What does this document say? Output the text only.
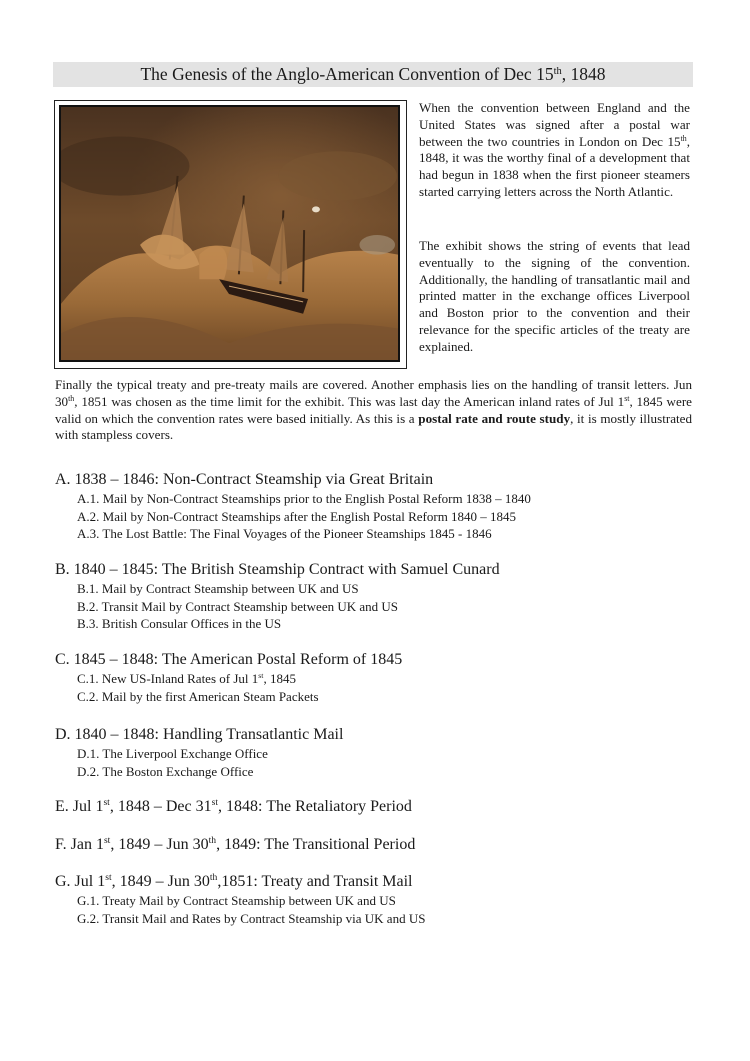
The Genesis of the Anglo-American Convention of Dec 15th, 1848

When the convention between England and the United States was signed after a postal war between the two countries in London on Dec 15th, 1848, it was the worthy final of a development that had begun in 1838 when the first pioneer steamers started carrying letters across the North Atlantic.

The exhibit shows the string of events that lead eventually to the signing of the convention. Additionally, the handling of transatlantic mail and printed matter in the exchange offices Liverpool and Boston prior to the convention and their relevance for the specific articles of the treaty are explained.

Finally the typical treaty and pre-treaty mails are covered. Another emphasis lies on the handling of transit letters. Jun 30th, 1851 was chosen as the time limit for the exhibit. This was last day the American inland rates of Jul 1st, 1845 were valid on which the convention rates were based initially. As this is a postal rate and route study, it is mostly illustrated with stampless covers.

A. 1838 – 1846: Non-Contract Steamship via Great Britain

A.1. Mail by Non-Contract Steamships prior to the English Postal Reform 1838 – 1840

A.2. Mail by Non-Contract Steamships after the English Postal Reform 1840 – 1845

A.3. The Lost Battle: The Final Voyages of the Pioneer Steamships 1845 - 1846

B. 1840 – 1845: The British Steamship Contract with Samuel Cunard

B.1. Mail by Contract Steamship between UK and US

B.2. Transit Mail by Contract Steamship between UK and US

B.3. British Consular Offices in the US

C. 1845 – 1848: The American Postal Reform of 1845

C.1. New US-Inland Rates of Jul 1st, 1845

C.2. Mail by the first American Steam Packets

D. 1840 – 1848: Handling Transatlantic Mail

D.1. The Liverpool Exchange Office

D.2. The Boston Exchange Office

E. Jul 1st, 1848 – Dec 31st, 1848: The Retaliatory Period

F. Jan 1st, 1849 – Jun 30th, 1849: The Transitional Period

G. Jul 1st, 1849 – Jun 30th,1851: Treaty and Transit Mail

G.1. Treaty Mail by Contract Steamship between UK and US

G.2. Transit Mail and Rates by Contract Steamship via UK and US
